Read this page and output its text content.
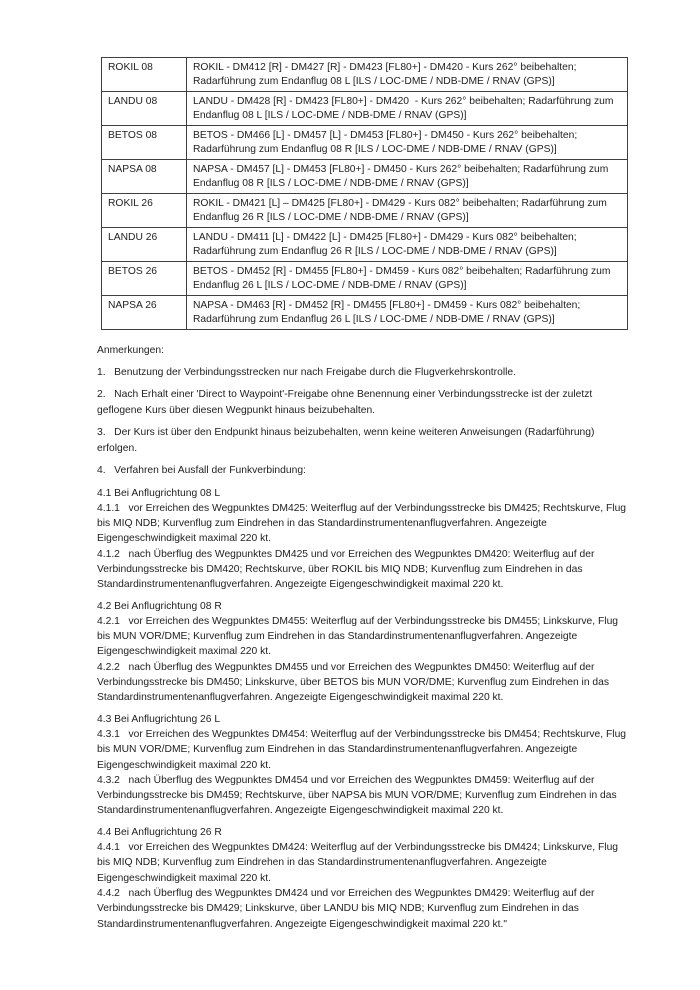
ROKIL 08	ROKIL - DM412 [R] - DM427 [R] - DM423 [FL80+] - DM420 - Kurs 262° beibehalten; Radarführung zum Endanflug 08 L [ILS / LOC-DME / NDB-DME / RNAV (GPS)]
LANDU 08	LANDU - DM428 [R] - DM423 [FL80+] - DM420  - Kurs 262° beibehalten; Radarführung zum Endanflug 08 L [ILS / LOC-DME / NDB-DME / RNAV (GPS)]
BETOS 08	BETOS - DM466 [L] - DM457 [L] - DM453 [FL80+] - DM450 - Kurs 262° beibehalten; Radarführung zum Endanflug 08 R [ILS / LOC-DME / NDB-DME / RNAV (GPS)]
NAPSA 08	NAPSA - DM457 [L] - DM453 [FL80+] - DM450 - Kurs 262° beibehalten; Radarführung zum Endanflug 08 R [ILS / LOC-DME / NDB-DME / RNAV (GPS)]
ROKIL 26	ROKIL - DM421 [L] – DM425 [FL80+] - DM429 - Kurs 082° beibehalten; Radarführung zum Endanflug 26 R [ILS / LOC-DME / NDB-DME / RNAV (GPS)]
LANDU 26	LANDU - DM411 [L] - DM422 [L] - DM425 [FL80+] - DM429 - Kurs 082° beibehalten; Radarführung zum Endanflug 26 R [ILS / LOC-DME / NDB-DME / RNAV (GPS)]
BETOS 26	BETOS - DM452 [R] - DM455 [FL80+] - DM459 - Kurs 082° beibehalten; Radarführung zum Endanflug 26 L [ILS / LOC-DME / NDB-DME / RNAV (GPS)]
NAPSA 26	NAPSA - DM463 [R] - DM452 [R] - DM455 [FL80+] - DM459 - Kurs 082° beibehalten; Radarführung zum Endanflug 26 L [ILS / LOC-DME / NDB-DME / RNAV (GPS)]

Anmerkungen:

1.   Benutzung der Verbindungsstrecken nur nach Freigabe durch die Flugverkehrskontrolle.

2.   Nach Erhalt einer 'Direct to Waypoint'-Freigabe ohne Benennung einer Verbindungsstrecke ist der zuletzt geflogene Kurs über diesen Wegpunkt hinaus beizubehalten.

3.   Der Kurs ist über den Endpunkt hinaus beizubehalten, wenn keine weiteren Anweisungen (Radarführung) erfolgen.

4.   Verfahren bei Ausfall der Funkverbindung:

4.1 Bei Anflugrichtung 08 L

4.1.1   vor Erreichen des Wegpunktes DM425: Weiterflug auf der Verbindungsstrecke bis DM425; Rechtskurve, Flug bis MIQ NDB; Kurvenflug zum Eindrehen in das Standardinstrumentenanflugverfahren. Angezeigte Eigengeschwindigkeit maximal 220 kt.

4.1.2   nach Überflug des Wegpunktes DM425 und vor Erreichen des Wegpunktes DM420: Weiterflug auf der Verbindungsstrecke bis DM420; Rechtskurve, über ROKIL bis MIQ NDB; Kurvenflug zum Eindrehen in das Standardinstrumentenanflugverfahren. Angezeigte Eigengeschwindigkeit maximal 220 kt.

4.2 Bei Anflugrichtung 08 R

4.2.1   vor Erreichen des Wegpunktes DM455: Weiterflug auf der Verbindungsstrecke bis DM455; Linkskurve, Flug bis MUN VOR/DME; Kurvenflug zum Eindrehen in das Standardinstrumentenanflugverfahren. Angezeigte Eigengeschwindigkeit maximal 220 kt.

4.2.2   nach Überflug des Wegpunktes DM455 und vor Erreichen des Wegpunktes DM450: Weiterflug auf der Verbindungsstrecke bis DM450; Linkskurve, über BETOS bis MUN VOR/DME; Kurvenflug zum Eindrehen in das Standardinstrumentenanflugverfahren. Angezeigte Eigengeschwindigkeit maximal 220 kt.

4.3 Bei Anflugrichtung 26 L

4.3.1   vor Erreichen des Wegpunktes DM454: Weiterflug auf der Verbindungsstrecke bis DM454; Rechtskurve, Flug bis MUN VOR/DME; Kurvenflug zum Eindrehen in das Standardinstrumentenanflugverfahren. Angezeigte Eigengeschwindigkeit maximal 220 kt.

4.3.2   nach Überflug des Wegpunktes DM454 und vor Erreichen des Wegpunktes DM459: Weiterflug auf der Verbindungsstrecke bis DM459; Rechtskurve, über NAPSA bis MUN VOR/DME; Kurvenflug zum Eindrehen in das Standardinstrumentenanflugverfahren. Angezeigte Eigengeschwindigkeit maximal 220 kt.

4.4 Bei Anflugrichtung 26 R

4.4.1   vor Erreichen des Wegpunktes DM424: Weiterflug auf der Verbindungsstrecke bis DM424; Linkskurve, Flug bis MIQ NDB; Kurvenflug zum Eindrehen in das Standardinstrumentenanflugverfahren. Angezeigte Eigengeschwindigkeit maximal 220 kt.

4.4.2   nach Überflug des Wegpunktes DM424 und vor Erreichen des Wegpunktes DM429: Weiterflug auf der Verbindungsstrecke bis DM429; Linkskurve, über LANDU bis MIQ NDB; Kurvenflug zum Eindrehen in das Standardinstrumentenanflugverfahren. Angezeigte Eigengeschwindigkeit maximal 220 kt."
